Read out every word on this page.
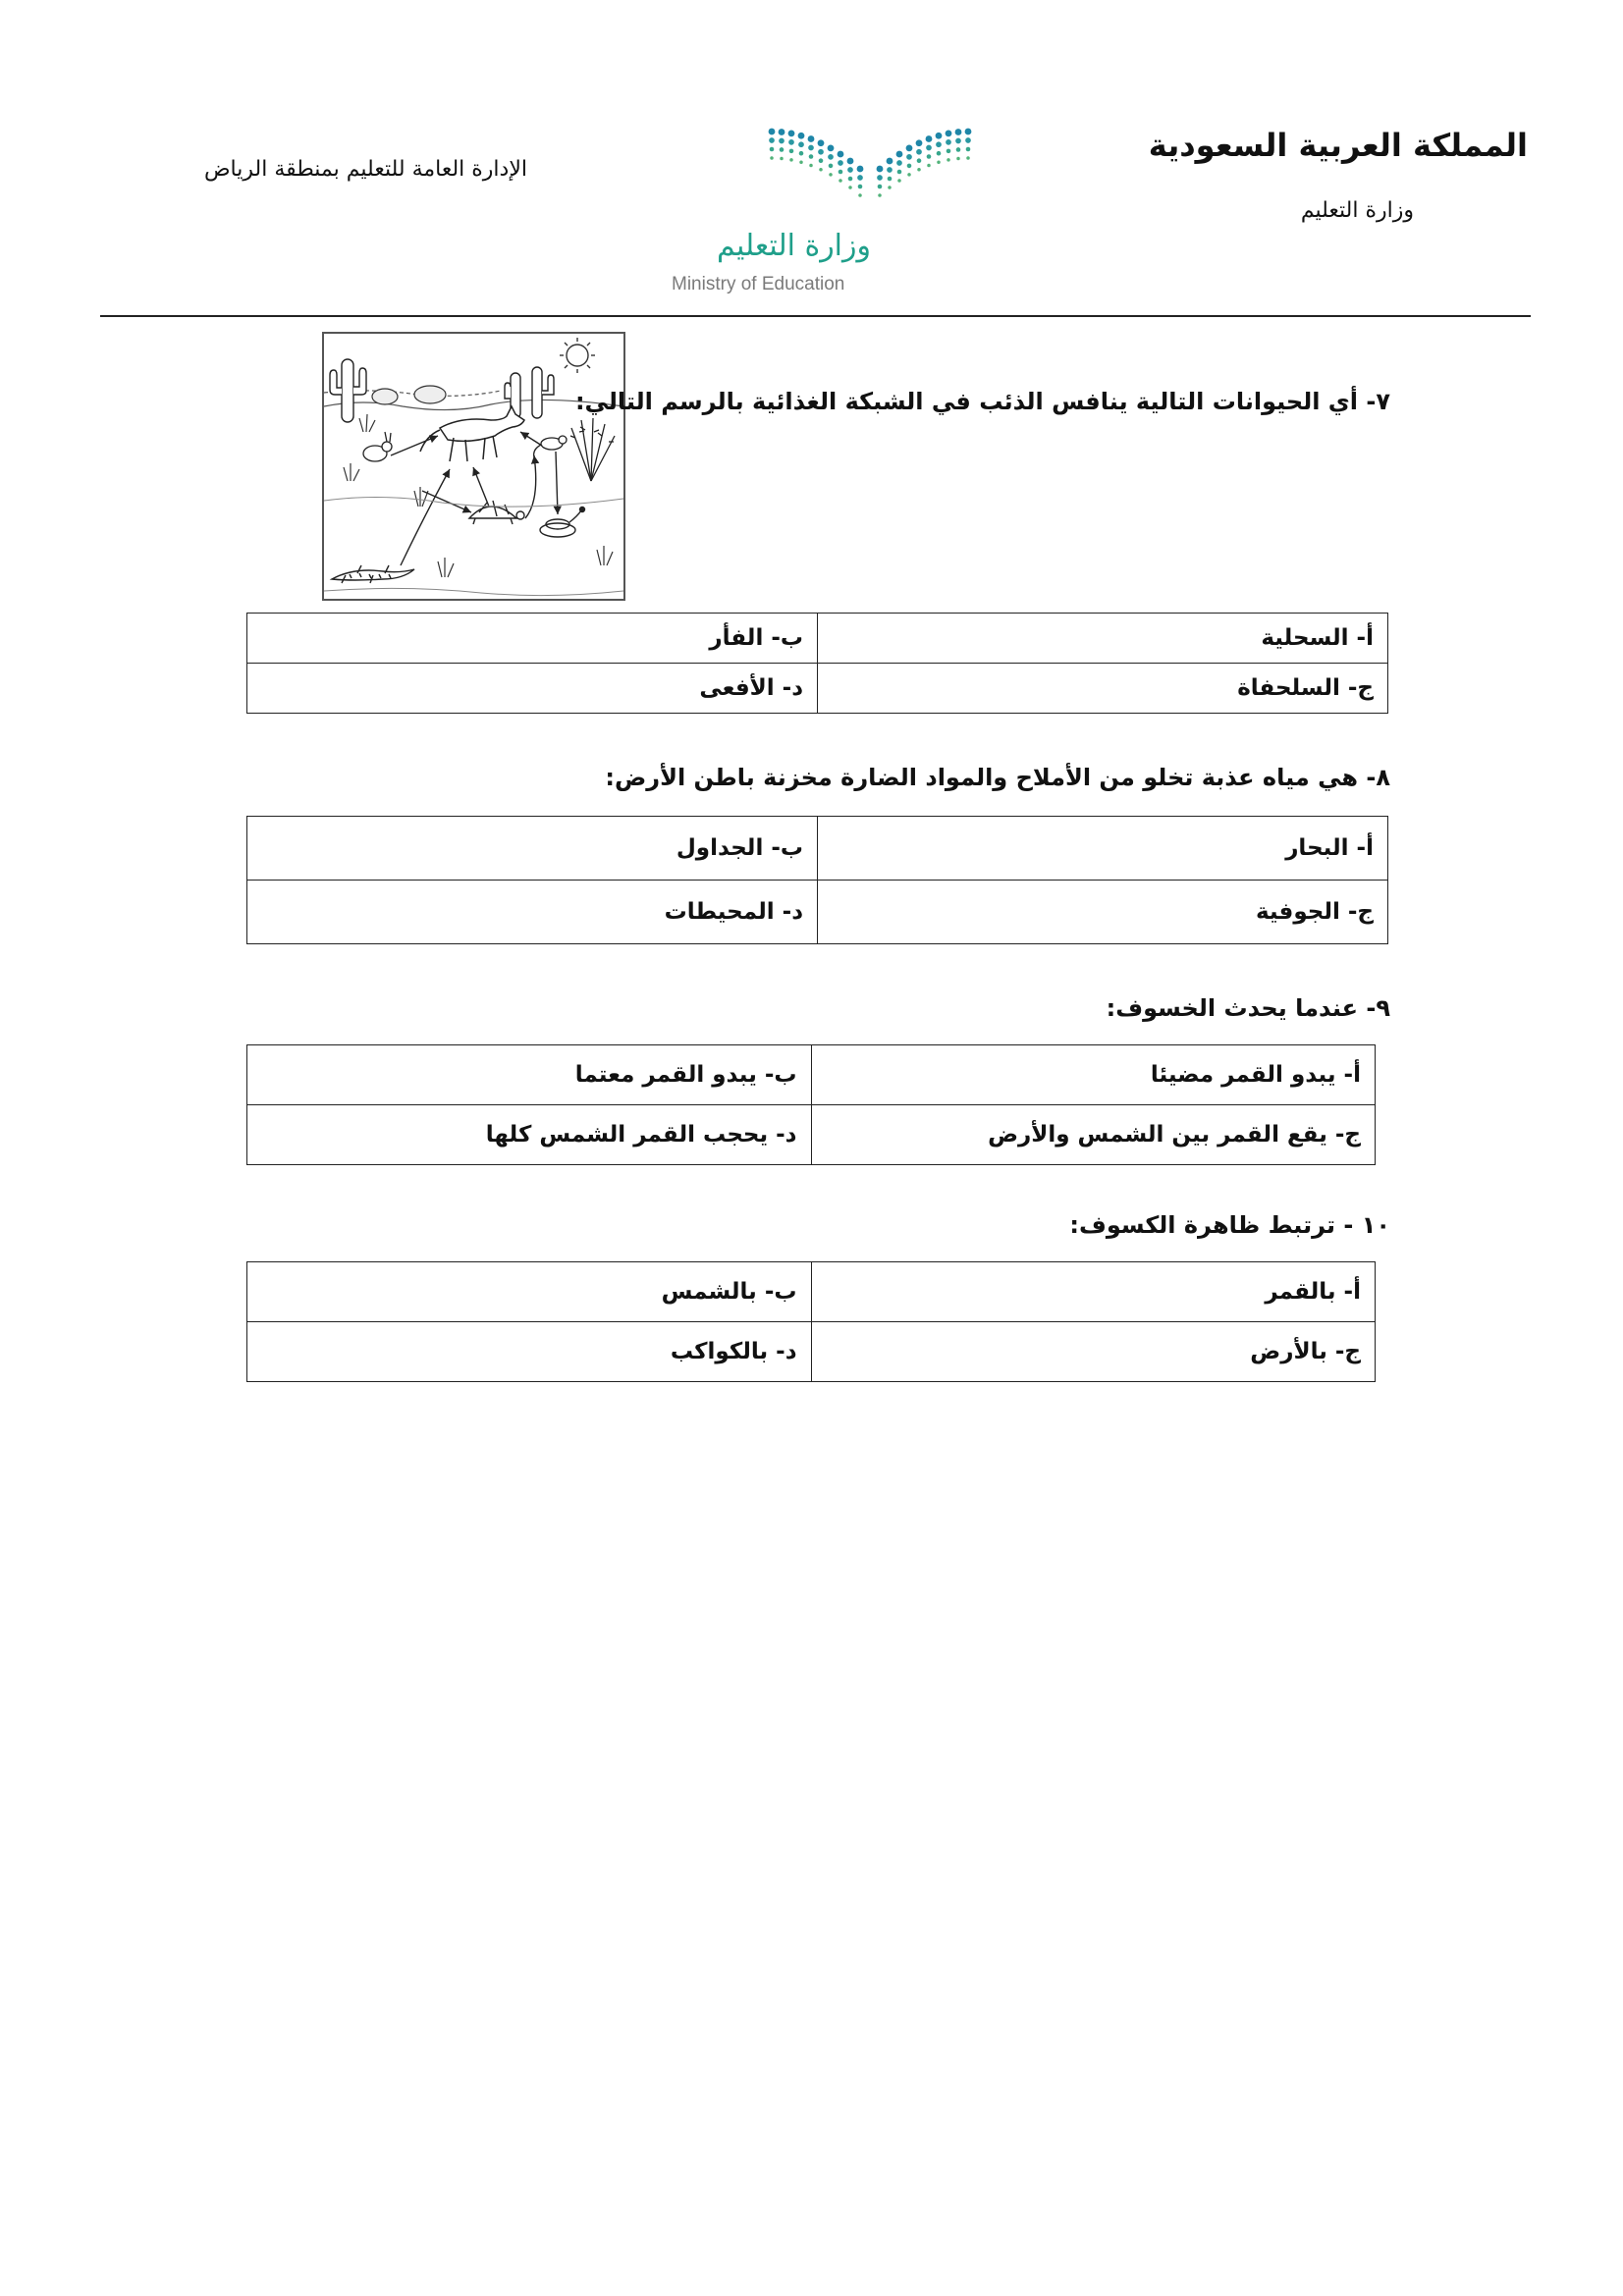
المملكة العربية السعودية
وزارة التعليم
الإدارة العامة للتعليم بمنطقة الرياض
وزارة التعليم
Ministry of Education
٧- أي الحيوانات التالية ينافس الذئب في الشبكة الغذائية بالرسم التالي:
أ- السحلية	ب- الفأر
ج- السلحفاة	د- الأفعى
٨- هي مياه عذبة تخلو من الأملاح والمواد الضارة مخزنة باطن الأرض:
أ- البحار	ب- الجداول
ج- الجوفية	د- المحيطات
٩- عندما يحدث الخسوف:
أ- يبدو القمر مضيئا	ب- يبدو القمر معتما
ج- يقع القمر بين الشمس والأرض	د- يحجب القمر الشمس كلها
١٠ - ترتبط ظاهرة الكسوف:
أ- بالقمر	ب- بالشمس
ج- بالأرض	د- بالكواكب
